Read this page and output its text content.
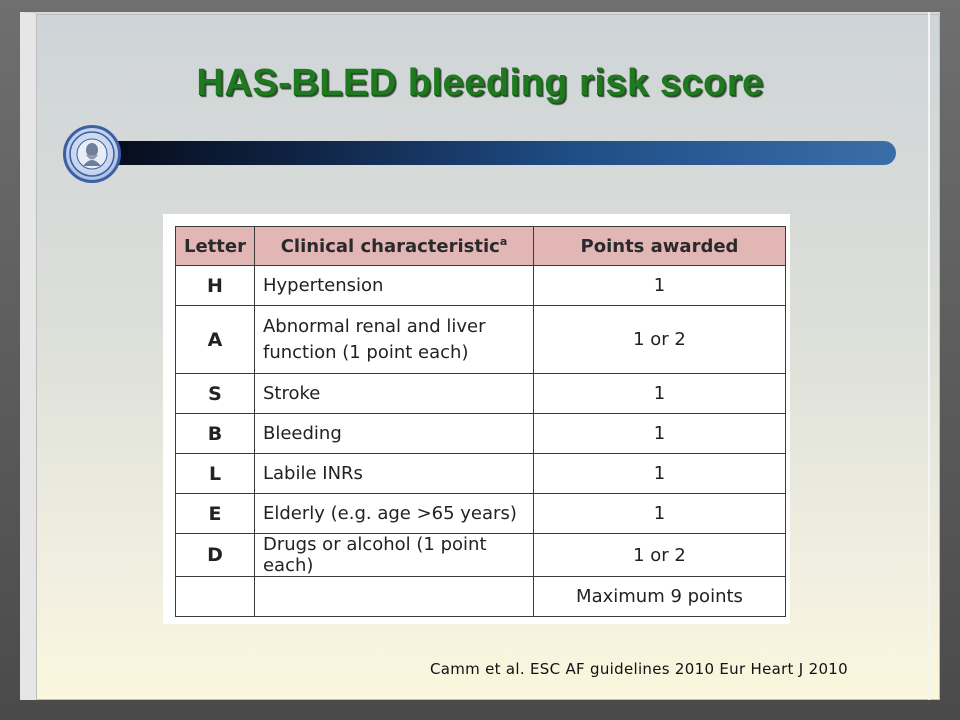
HAS-BLED bleeding risk score
Letter	Clinical characteristic$^a$	Points awarded
H	Hypertension	1
A	Abnormal renal and liver function (1 point each)	1 or 2
S	Stroke	1
B	Bleeding	1
L	Labile INRs	1
E	Elderly (e.g. age >65 years)	1
D	Drugs or alcohol (1 point each)	1 or 2
		Maximum 9 points
Camm et al. ESC AF guidelines 2010 Eur Heart J 2010
